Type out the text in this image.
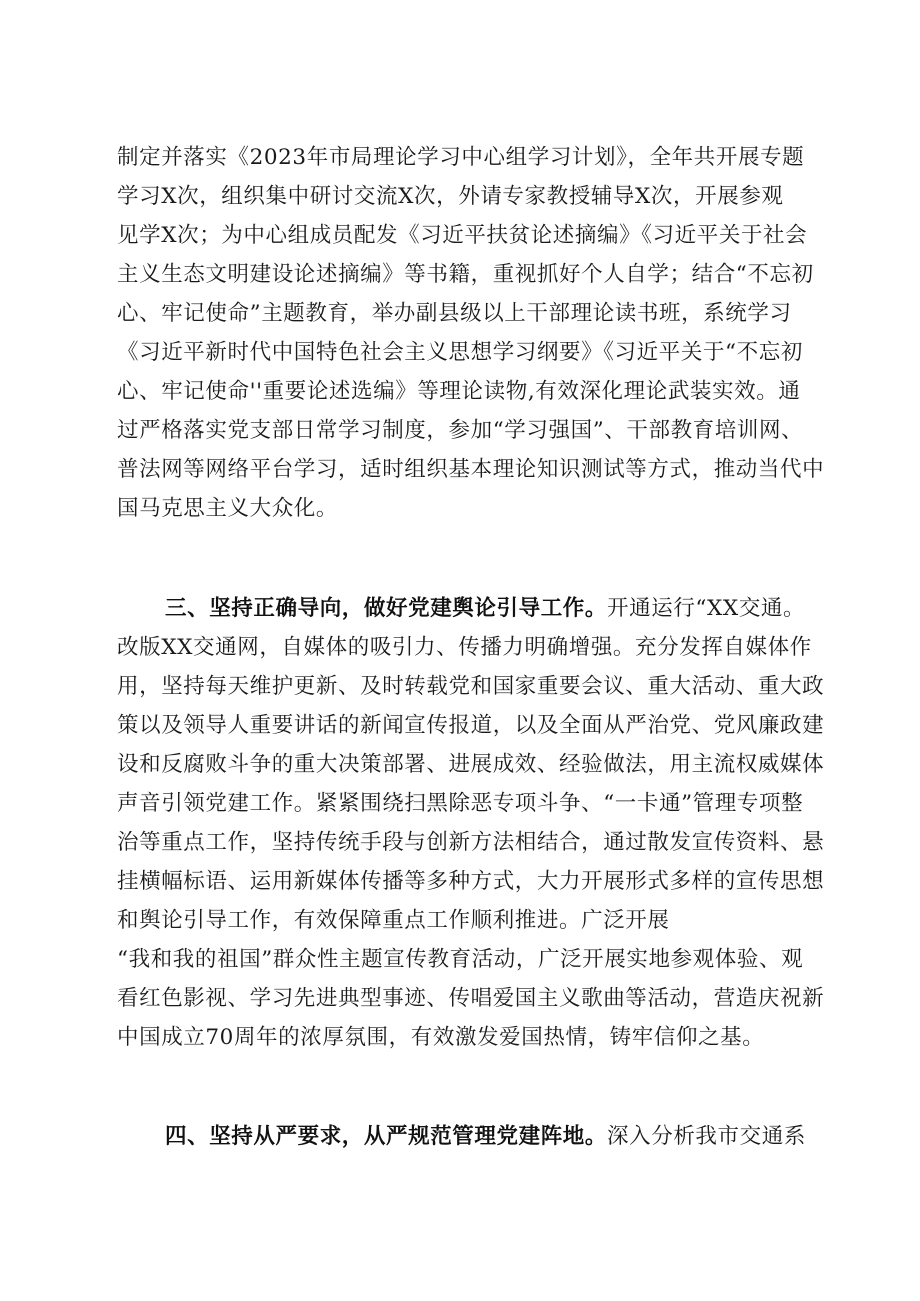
制定并落实《2023年市局理论学习中心组学习计划》，全年共开展专题
学习X次，组织集中研讨交流X次，外请专家教授辅导X次，开展参观
见学X次；为中心组成员配发《习近平扶贫论述摘编》《习近平关于社会
主义生态文明建设论述摘编》等书籍，重视抓好个人自学；结合“不忘初
心、牢记使命”主题教育，举办副县级以上干部理论读书班，系统学习
《习近平新时代中国特色社会主义思想学习纲要》《习近平关于“不忘初
心、牢记使命''重要论述选编》等理论读物,有效深化理论武装实效。通
过严格落实党支部日常学习制度，参加“学习强国”、干部教育培训网、
普法网等网络平台学习，适时组织基本理论知识测试等方式，推动当代中
国马克思主义大众化。
三、坚持正确导向，做好党建舆论引导工作。开通运行“XX交通。
改版XX交通网，自媒体的吸引力、传播力明确增强。充分发挥自媒体作
用，坚持每天维护更新、及时转载党和国家重要会议、重大活动、重大政
策以及领导人重要讲话的新闻宣传报道，以及全面从严治党、党风廉政建
设和反腐败斗争的重大决策部署、进展成效、经验做法，用主流权威媒体
声音引领党建工作。紧紧围绕扫黑除恶专项斗争、“一卡通”管理专项整
治等重点工作，坚持传统手段与创新方法相结合，通过散发宣传资料、悬
挂横幅标语、运用新媒体传播等多种方式，大力开展形式多样的宣传思想
和舆论引导工作，有效保障重点工作顺利推进。广泛开展
“我和我的祖国”群众性主题宣传教育活动，广泛开展实地参观体验、观
看红色影视、学习先进典型事迹、传唱爱国主义歌曲等活动，营造庆祝新
中国成立70周年的浓厚氛围，有效激发爱国热情，铸牢信仰之基。
四、坚持从严要求，从严规范管理党建阵地。深入分析我市交通系
